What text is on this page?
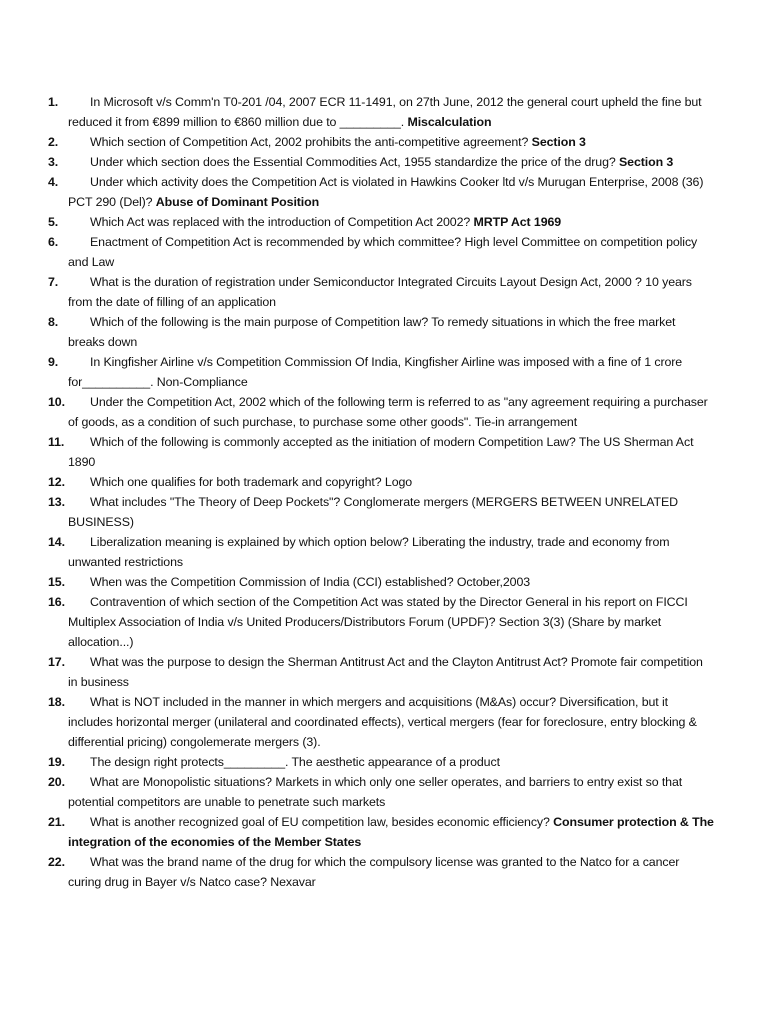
1.	In Microsoft v/s Comm'n T0-201 /04, 2007 ECR 11-1491, on 27th June, 2012 the general court upheld the fine but reduced it from €899 million to €860 million due to _________. Miscalculation
2.	Which section of Competition Act, 2002 prohibits the anti-competitive agreement? Section 3
3.	Under which section does the Essential Commodities Act, 1955 standardize the price of the drug? Section 3
4.	Under which activity does the Competition Act is violated in Hawkins Cooker ltd v/s Murugan Enterprise, 2008 (36) PCT 290 (Del)? Abuse of Dominant Position
5.	Which Act was replaced with the introduction of Competition Act 2002? MRTP Act 1969
6.	Enactment of Competition Act is recommended by which committee? High level Committee on competition policy and Law
7.	What is the duration of registration under Semiconductor Integrated Circuits Layout Design Act, 2000 ? 10 years from the date of filling of an application
8.	Which of the following is the main purpose of Competition law? To remedy situations in which the free market breaks down
9.	In Kingfisher Airline v/s Competition Commission Of India, Kingfisher Airline was imposed with a fine of 1 crore for__________. Non-Compliance
10. Under the Competition Act, 2002 which of the following term is referred to as "any agreement requiring a purchaser of goods, as a condition of such purchase, to purchase some other goods". Tie-in arrangement
11.	Which of the following is commonly accepted as the initiation of modern Competition Law? The US Sherman Act 1890
12. Which one qualifies for both trademark and copyright? Logo
13. What includes "The Theory of Deep Pockets"? Conglomerate mergers (MERGERS BETWEEN UNRELATED BUSINESS)
14. Liberalization meaning is explained by which option below? Liberating the industry, trade and economy from unwanted restrictions
15. When was the Competition Commission of India (CCI) established? October,2003
16. Contravention of which section of the Competition Act was stated by the Director General in his report on FICCI Multiplex Association of India v/s United Producers/Distributors Forum (UPDF)? Section 3(3) (Share by market allocation...)
17. What was the purpose to design the Sherman Antitrust Act and the Clayton Antitrust Act? Promote fair competition in business
18. What is NOT included in the manner in which mergers and acquisitions (M&As) occur? Diversification, but it includes horizontal merger (unilateral and coordinated effects), vertical mergers (fear for foreclosure, entry blocking & differential pricing) congolemerate mergers (3).
19. The design right protects_________. The aesthetic appearance of a product
20. What are Monopolistic situations? Markets in which only one seller operates, and barriers to entry exist so that potential competitors are unable to penetrate such markets
21. What is another recognized goal of EU competition law, besides economic efficiency? Consumer protection & The integration of the economies of the Member States
22. What was the brand name of the drug for which the compulsory license was granted to the Natco for a cancer curing drug in Bayer v/s Natco case? Nexavar
